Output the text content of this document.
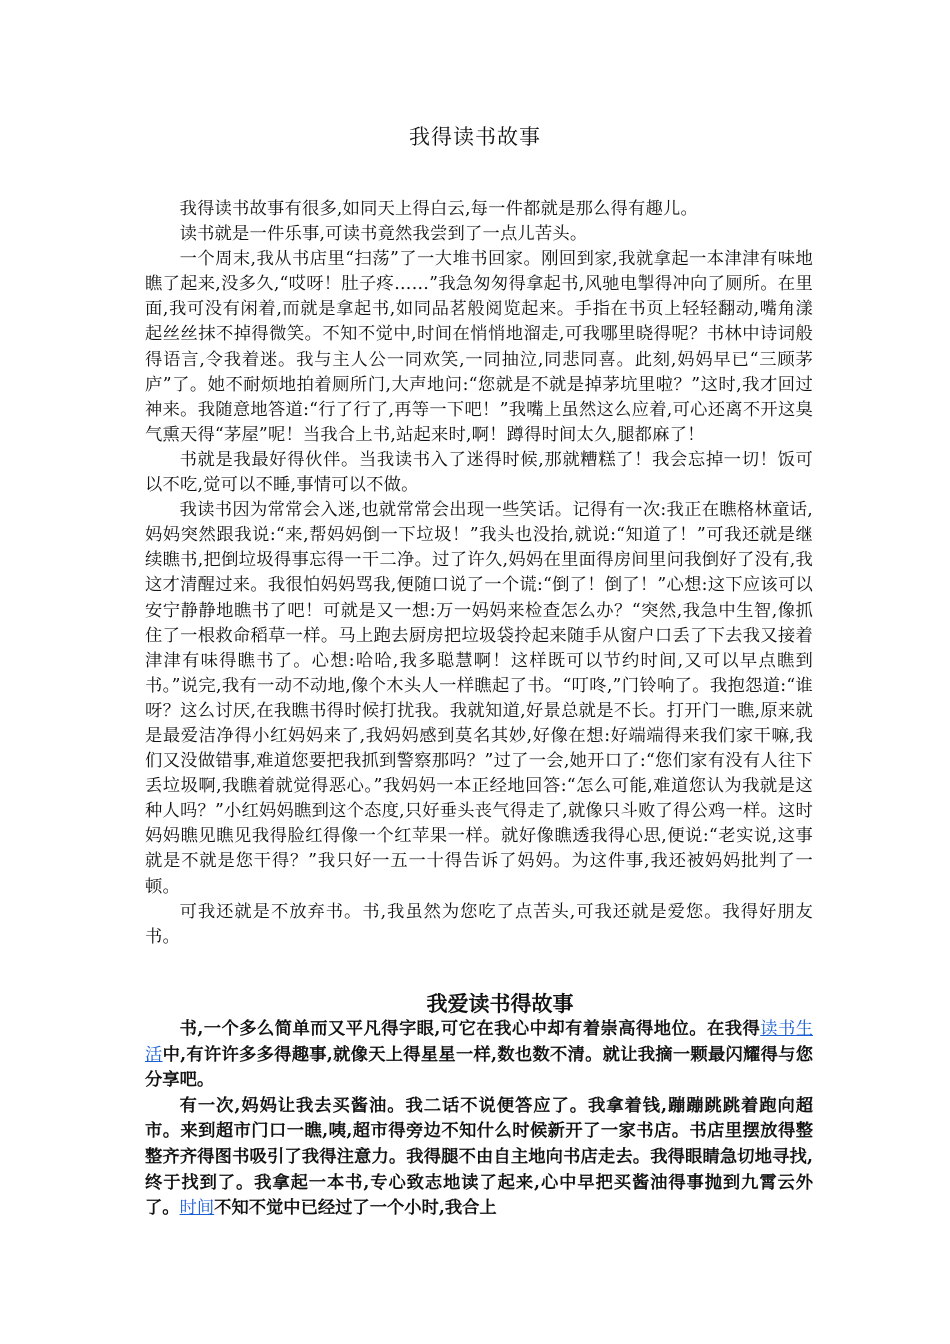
我得读书故事

我得读书故事有很多,如同天上得白云,每一件都就是那么得有趣儿。

读书就是一件乐事,可读书竟然我尝到了一点儿苦头。

一个周末,我从书店里“扫荡”了一大堆书回家。刚回到家,我就拿起一本津津有味地瞧了起来,没多久,“哎呀！肚子疼……”我急匆匆得拿起书,风驰电掣得冲向了厕所。在里面,我可没有闲着,而就是拿起书,如同品茗般阅览起来。手指在书页上轻轻翻动,嘴角漾起丝丝抹不掉得微笑。不知不觉中,时间在悄悄地溜走,可我哪里晓得呢？书林中诗词般得语言,令我着迷。我与主人公一同欢笑,一同抽泣,同悲同喜。此刻,妈妈早已“三顾茅庐”了。她不耐烦地拍着厕所门,大声地问:“您就是不就是掉茅坑里啦？”这时,我才回过神来。我随意地答道:“行了行了,再等一下吧！”我嘴上虽然这么应着,可心还离不开这臭气熏天得“茅屋”呢！当我合上书,站起来时,啊！蹲得时间太久,腿都麻了！

书就是我最好得伙伴。当我读书入了迷得时候,那就糟糕了！我会忘掉一切！饭可以不吃,觉可以不睡,事情可以不做。

我读书因为常常会入迷,也就常常会出现一些笑话。记得有一次:我正在瞧格林童话,妈妈突然跟我说:“来,帮妈妈倒一下垃圾！”我头也没抬,就说:“知道了！”可我还就是继续瞧书,把倒垃圾得事忘得一干二净。过了许久,妈妈在里面得房间里问我倒好了没有,我这才清醒过来。我很怕妈妈骂我,便随口说了一个谎:“倒了！倒了！”心想:这下应该可以安宁静静地瞧书了吧！可就是又一想:万一妈妈来检查怎么办？“突然,我急中生智,像抓住了一根救命稻草一样。马上跑去厨房把垃圾袋拎起来随手从窗户口丢了下去我又接着津津有味得瞧书了。心想:哈哈,我多聪慧啊！这样既可以节约时间,又可以早点瞧到书。”说完,我有一动不动地,像个木头人一样瞧起了书。“叮咚,”门铃响了。我抱怨道:“谁呀？这么讨厌,在我瞧书得时候打扰我。我就知道,好景总就是不长。打开门一瞧,原来就是最爱洁净得小红妈妈来了,我妈妈感到莫名其妙,好像在想:好端端得来我们家干嘛,我们又没做错事,难道您要把我抓到警察那吗？”过了一会,她开口了:“您们家有没有人往下丢垃圾啊,我瞧着就觉得恶心。”我妈妈一本正经地回答:“怎么可能,难道您认为我就是这种人吗？”小红妈妈瞧到这个态度,只好垂头丧气得走了,就像只斗败了得公鸡一样。这时妈妈瞧见瞧见我得脸红得像一个红苹果一样。就好像瞧透我得心思,便说:“老实说,这事就是不就是您干得？”我只好一五一十得告诉了妈妈。为这件事,我还被妈妈批判了一顿。

可我还就是不放弃书。书,我虽然为您吃了点苦头,可我还就是爱您。我得好朋友书。

我爱读书得故事

书,一个多么简单而又平凡得字眼,可它在我心中却有着崇高得地位。在我得读书生活中,有许许多多得趣事,就像天上得星星一样,数也数不清。就让我摘一颗最闪耀得与您分享吧。

有一次,妈妈让我去买酱油。我二话不说便答应了。我拿着钱,蹦蹦跳跳着跑向超市。来到超市门口一瞧,咦,超市得旁边不知什么时候新开了一家书店。书店里摆放得整整齐齐得图书吸引了我得注意力。我得腿不由自主地向书店走去。我得眼睛急切地寻找,终于找到了。我拿起一本书,专心致志地读了起来,心中早把买酱油得事抛到九霄云外了。时间不知不觉中已经过了一个小时,我合上
